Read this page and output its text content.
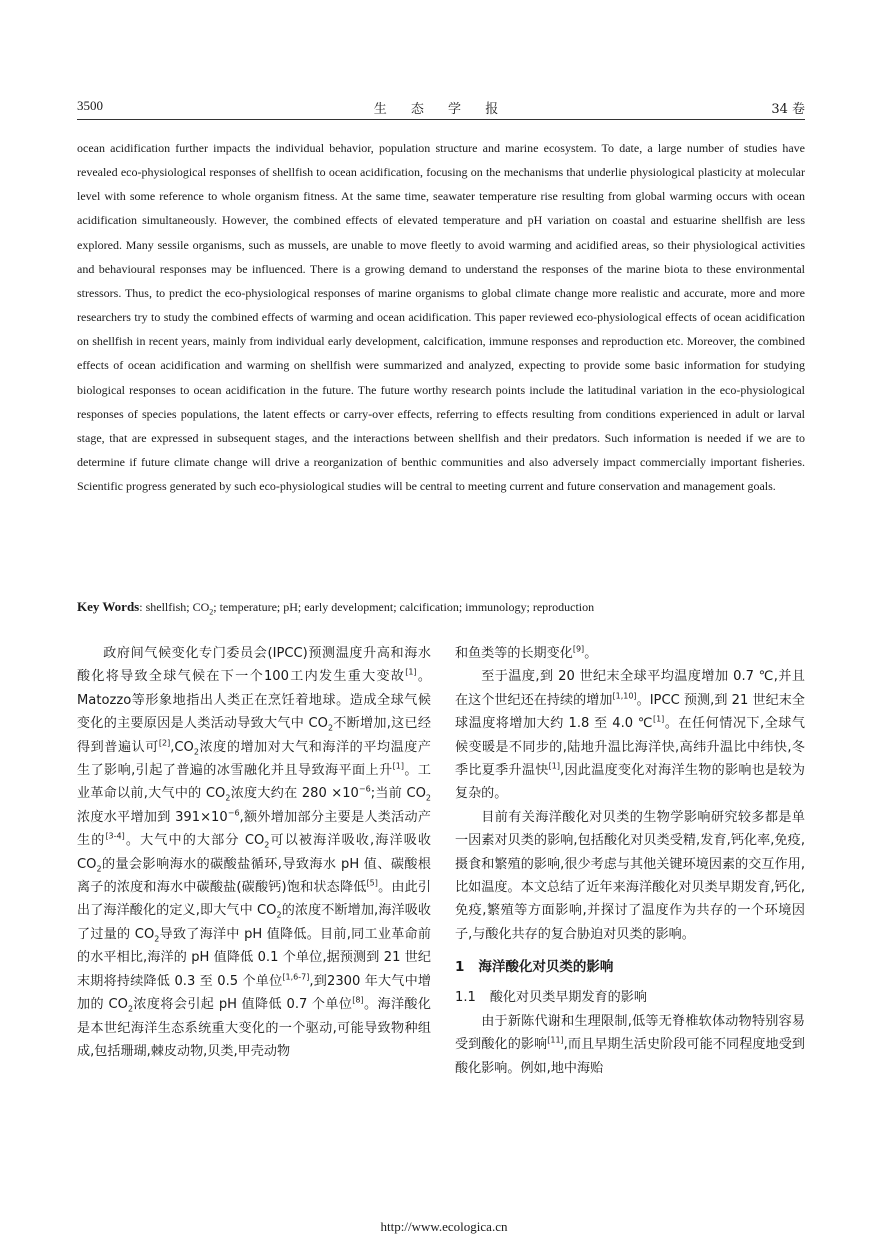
3500	生 态 学 报	34 卷
ocean acidification further impacts the individual behavior, population structure and marine ecosystem. To date, a large number of studies have revealed eco-physiological responses of shellfish to ocean acidification, focusing on the mechanisms that underlie physiological plasticity at molecular level with some reference to whole organism fitness. At the same time, seawater temperature rise resulting from global warming occurs with ocean acidification simultaneously. However, the combined effects of elevated temperature and pH variation on coastal and estuarine shellfish are less explored. Many sessile organisms, such as mussels, are unable to move fleetly to avoid warming and acidified areas, so their physiological activities and behavioural responses may be influenced. There is a growing demand to understand the responses of the marine biota to these environmental stressors. Thus, to predict the eco-physiological responses of marine organisms to global climate change more realistic and accurate, more and more researchers try to study the combined effects of warming and ocean acidification. This paper reviewed eco-physiological effects of ocean acidification on shellfish in recent years, mainly from individual early development, calcification, immune responses and reproduction etc. Moreover, the combined effects of ocean acidification and warming on shellfish were summarized and analyzed, expecting to provide some basic information for studying biological responses to ocean acidification in the future. The future worthy research points include the latitudinal variation in the eco-physiological responses of species populations, the latent effects or carry-over effects, referring to effects resulting from conditions experienced in adult or larval stage, that are expressed in subsequent stages, and the interactions between shellfish and their predators. Such information is needed if we are to determine if future climate change will drive a reorganization of benthic communities and also adversely impact commercially important fisheries. Scientific progress generated by such eco-physiological studies will be central to meeting current and future conservation and management goals.
Key Words: shellfish; $CO_2$; temperature; pH; early development; calcification; immunology; reproduction

政府间气候变化专门委员会(IPCC)预测温度升高和海水酸化将导致全球气候在下一个100工内发生重大变故[1]。Matozzo等形象地指出人类正在烹饪着地球。造成全球气候变化的主要原因是人类活动导致大气中 $CO_2$不断增加,这已经得到普遍认可$[2],CO_2$浓度的增加对大气和海洋的平均温度产生了影响,引起了普遍的冰雪融化并且导致海平面上升[1]。工业革命以前,大气中的 $CO_2$浓度大约在 $280 \times 10^{-6}$;当前 $CO_2$浓度水平增加到 $391\times 10^{-6}$,额外增加部分主要是人类活动产生的[3-4]。大气中的大部分 $CO_2$可以被海洋吸收,海洋吸收 $CO_2$的量会影响海水的碳酸盐循环,导致海水 pH 值、碳酸根离子的浓度和海水中碳酸盐(碳酸钙)饱和状态降低[5]。由此引出了海洋酸化的定义,即大气中 $CO_2$的浓度不断增加,海洋吸收了过量的 $CO_2$导致了海洋中 pH 值降低。目前,同工业革命前的水平相比,海洋的 pH 值降低 0.1 个单位,据预测到 21 世纪末期将持续降低 0.3 至 0.5 个单位[1,6-7],到2300 年大气中增加的 $CO_2$浓度将会引起 pH 值降低 0.7 个单位[8]。海洋酸化是本世纪海洋生态系统重大变化的一个驱动,可能导致物种组成,包括珊瑚,棘皮动物,贝类,甲壳动物

和鱼类等的长期变化[9]。

至于温度,到 20 世纪末全球平均温度增加 0.7 ℃,并且在这个世纪还在持续的增加[1,10]。IPCC 预测,到 21 世纪末全球温度将增加大约 1.8 至 4.0 ℃[1]。在任何情况下,全球气候变暖是不同步的,陆地升温比海洋快,高纬升温比中纬快,冬季比夏季升温快[1],因此温度变化对海洋生物的影响也是较为复杂的。

目前有关海洋酸化对贝类的生物学影响研究较多都是单一因素对贝类的影响,包括酸化对贝类受精,发育,钙化率,免疫,摄食和繁殖的影响,很少考虑与其他关键环境因素的交互作用,比如温度。本文总结了近年来海洋酸化对贝类早期发育,钙化,免疫,繁殖等方面影响,并探讨了温度作为共存的一个环境因子,与酸化共存的复合胁迫对贝类的影响。

1 海洋酸化对贝类的影响
1.1 酸化对贝类早期发育的影响

由于新陈代谢和生理限制,低等无脊椎软体动物特别容易受到酸化的影响[11],而且早期生活史阶段可能不同程度地受到酸化影响。例如,地中海贻

http://www.ecologica.cn
